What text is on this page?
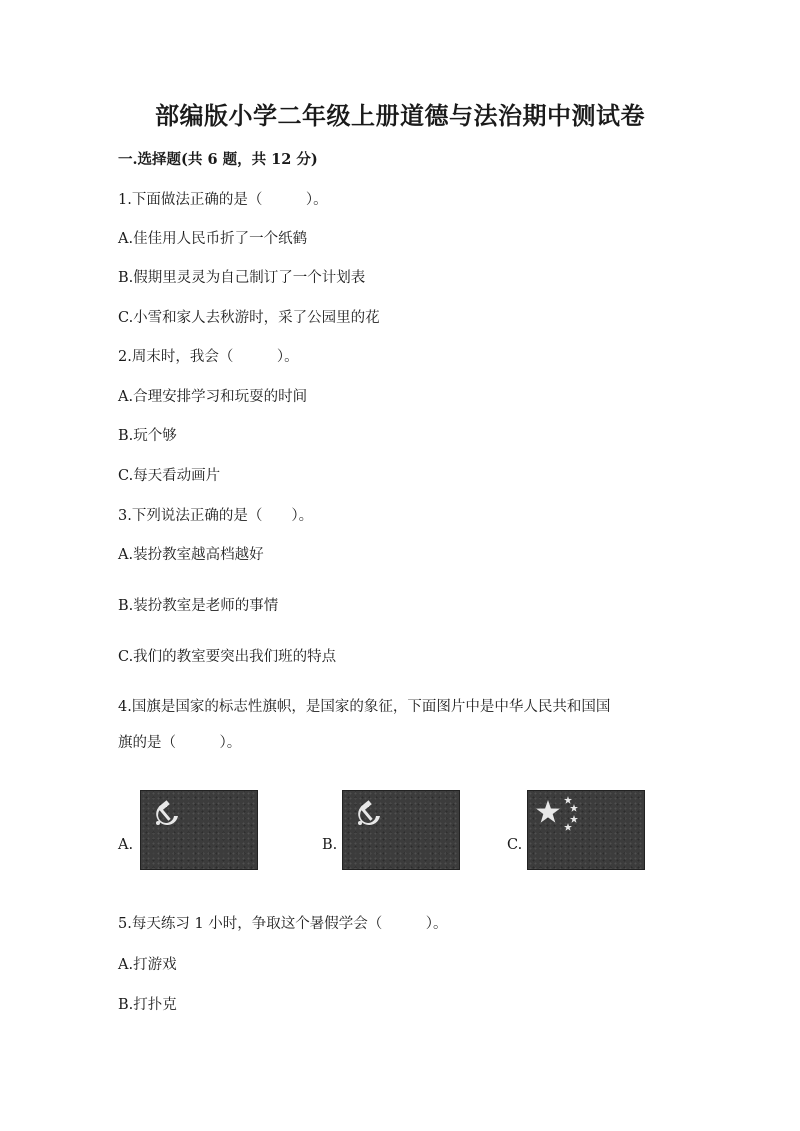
部编版小学二年级上册道德与法治期中测试卷
一.选择题(共 6 题，共 12 分)
1.下面做法正确的是（　　　）。
A.佳佳用人民币折了一个纸鹤
B.假期里灵灵为自己制订了一个计划表
C.小雪和家人去秋游时，采了公园里的花
2.周末时，我会（　　　）。
A.合理安排学习和玩耍的时间
B.玩个够
C.每天看动画片
3.下列说法正确的是（　　）。
A.装扮教室越高档越好
B.装扮教室是老师的事情
C.我们的教室要突出我们班的特点
4.国旗是国家的标志性旗帜，是国家的象征，下面图片中是中华人民共和国国
旗的是（　　　）。
A.	B.	C.
5.每天练习 1 小时，争取这个暑假学会（　　　）。
A.打游戏
B.打扑克
